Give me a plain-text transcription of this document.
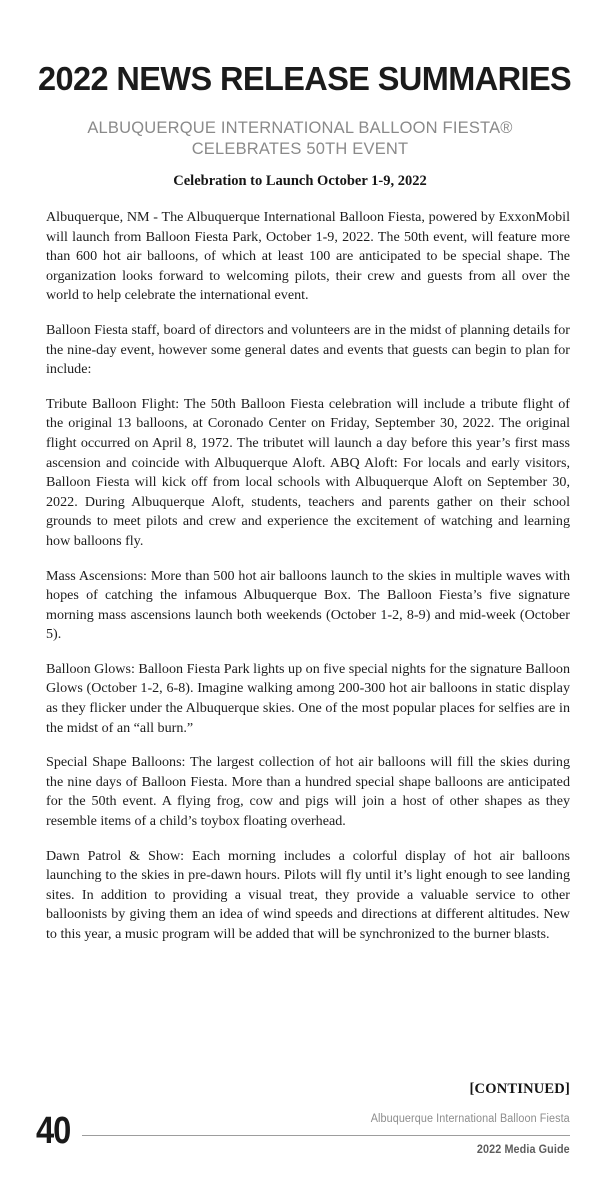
2022 NEWS RELEASE SUMMARIES
ALBUQUERQUE INTERNATIONAL BALLOON FIESTA®
CELEBRATES 50TH EVENT
Celebration to Launch October 1-9, 2022

Albuquerque, NM - The Albuquerque International Balloon Fiesta, powered by ExxonMobil will launch from Balloon Fiesta Park, October 1-9, 2022. The 50th event, will feature more than 600 hot air balloons, of which at least 100 are anticipated to be special shape. The organization looks forward to welcoming pilots, their crew and guests from all over the world to help celebrate the international event.

Balloon Fiesta staff, board of directors and volunteers are in the midst of planning details for the nine-day event, however some general dates and events that guests can begin to plan for include:

Tribute Balloon Flight: The 50th Balloon Fiesta celebration will include a tribute flight of the original 13 balloons, at Coronado Center on Friday, September 30, 2022. The original flight occurred on April 8, 1972. The tributet will launch a day before this year’s first mass ascension and coincide with Albuquerque Aloft. ABQ Aloft: For locals and early visitors, Balloon Fiesta will kick off from local schools with Albuquerque Aloft on September 30, 2022. During Albuquerque Aloft, students, teachers and parents gather on their school grounds to meet pilots and crew and experience the excitement of watching and learning how balloons fly.

Mass Ascensions: More than 500 hot air balloons launch to the skies in multiple waves with hopes of catching the infamous Albuquerque Box. The Balloon Fiesta’s five signature morning mass ascensions launch both weekends (October 1-2, 8-9) and mid-week (October 5).

Balloon Glows: Balloon Fiesta Park lights up on five special nights for the signature Balloon Glows (October 1-2, 6-8). Imagine walking among 200-300 hot air balloons in static display as they flicker under the Albuquerque skies. One of the most popular places for selfies are in the midst of an “all burn.”

Special Shape Balloons: The largest collection of hot air balloons will fill the skies during the nine days of Balloon Fiesta. More than a hundred special shape balloons are anticipated for the 50th event. A flying frog, cow and pigs will join a host of other shapes as they resemble items of a child’s toybox floating overhead.

Dawn Patrol & Show: Each morning includes a colorful display of hot air balloons launching to the skies in pre-dawn hours. Pilots will fly until it’s light enough to see landing sites. In addition to providing a visual treat, they provide a valuable service to other balloonists by giving them an idea of wind speeds and directions at different altitudes. New to this year, a music program will be added that will be synchronized to the burner blasts.

[CONTINUED]
40	Albuquerque International Balloon Fiesta
2022 Media Guide
